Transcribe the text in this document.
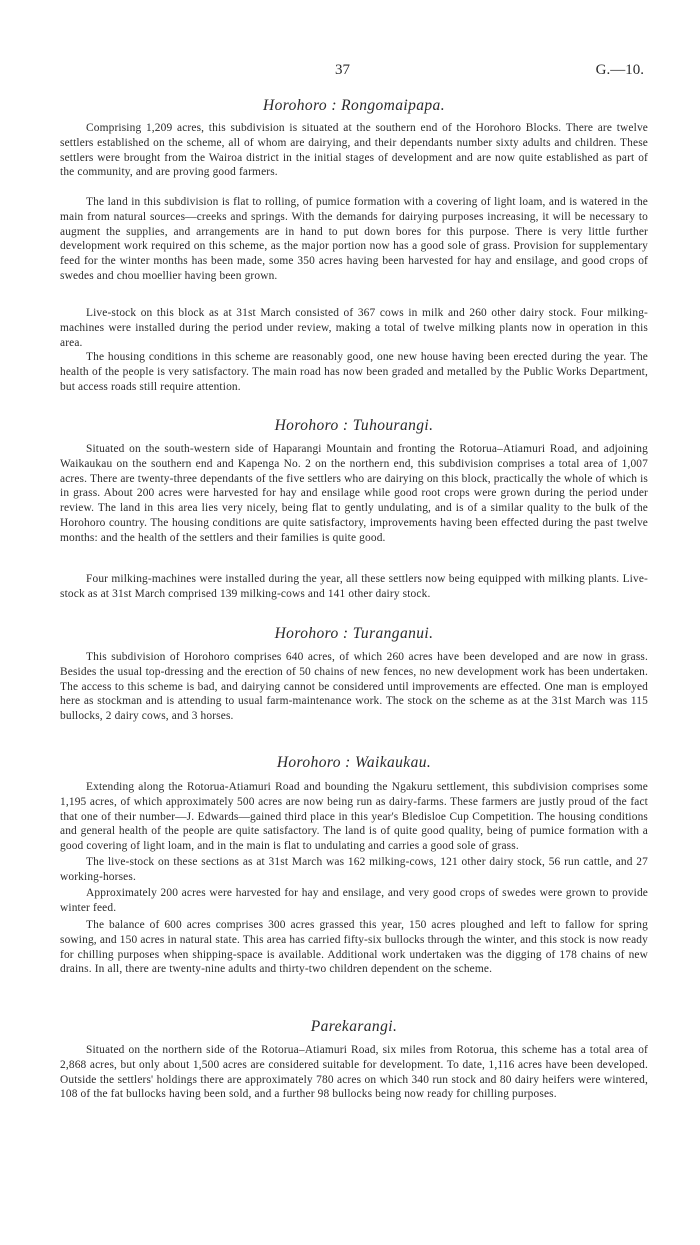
37	G.—10.
Horohoro : Rongomaipapa.

Comprising 1,209 acres, this subdivision is situated at the southern end of the Horohoro Blocks. There are twelve settlers established on the scheme, all of whom are dairying, and their dependants number sixty adults and children. These settlers were brought from the Wairoa district in the initial stages of development and are now quite established as part of the community, and are proving good farmers.

The land in this subdivision is flat to rolling, of pumice formation with a covering of light loam, and is watered in the main from natural sources—creeks and springs. With the demands for dairying purposes increasing, it will be necessary to augment the supplies, and arrangements are in hand to put down bores for this purpose. There is very little further development work required on this scheme, as the major portion now has a good sole of grass. Provision for supplementary feed for the winter months has been made, some 350 acres having been harvested for hay and ensilage, and good crops of swedes and chou moellier having been grown.

Live-stock on this block as at 31st March consisted of 367 cows in milk and 260 other dairy stock. Four milking-machines were installed during the period under review, making a total of twelve milking plants now in operation in this area.

The housing conditions in this scheme are reasonably good, one new house having been erected during the year. The health of the people is very satisfactory. The main road has now been graded and metalled by the Public Works Department, but access roads still require attention.

Horohoro : Tuhourangi.

Situated on the south-western side of Haparangi Mountain and fronting the Rotorua–Atiamuri Road, and adjoining Waikaukau on the southern end and Kapenga No. 2 on the northern end, this subdivision comprises a total area of 1,007 acres. There are twenty-three dependants of the five settlers who are dairying on this block, practically the whole of which is in grass. About 200 acres were harvested for hay and ensilage while good root crops were grown during the period under review. The land in this area lies very nicely, being flat to gently undulating, and is of a similar quality to the bulk of the Horohoro country. The housing conditions are quite satisfactory, improvements having been effected during the past twelve months: and the health of the settlers and their families is quite good.

Four milking-machines were installed during the year, all these settlers now being equipped with milking plants. Live-stock as at 31st March comprised 139 milking-cows and 141 other dairy stock.

Horohoro : Turanganui.

This subdivision of Horohoro comprises 640 acres, of which 260 acres have been developed and are now in grass. Besides the usual top-dressing and the erection of 50 chains of new fences, no new development work has been undertaken. The access to this scheme is bad, and dairying cannot be considered until improvements are effected. One man is employed here as stockman and is attending to usual farm-maintenance work. The stock on the scheme as at the 31st March was 115 bullocks, 2 dairy cows, and 3 horses.

Horohoro : Waikaukau.

Extending along the Rotorua-Atiamuri Road and bounding the Ngakuru settlement, this subdivision comprises some 1,195 acres, of which approximately 500 acres are now being run as dairy-farms. These farmers are justly proud of the fact that one of their number—J. Edwards—gained third place in this year's Bledisloe Cup Competition. The housing conditions and general health of the people are quite satisfactory. The land is of quite good quality, being of pumice formation with a good covering of light loam, and in the main is flat to undulating and carries a good sole of grass.

The live-stock on these sections as at 31st March was 162 milking-cows, 121 other dairy stock, 56 run cattle, and 27 working-horses.

Approximately 200 acres were harvested for hay and ensilage, and very good crops of swedes were grown to provide winter feed.

The balance of 600 acres comprises 300 acres grassed this year, 150 acres ploughed and left to fallow for spring sowing, and 150 acres in natural state. This area has carried fifty-six bullocks through the winter, and this stock is now ready for chilling purposes when shipping-space is available. Additional work undertaken was the digging of 178 chains of new drains. In all, there are twenty-nine adults and thirty-two children dependent on the scheme.

Parekarangi.

Situated on the northern side of the Rotorua–Atiamuri Road, six miles from Rotorua, this scheme has a total area of 2,868 acres, but only about 1,500 acres are considered suitable for development. To date, 1,116 acres have been developed. Outside the settlers' holdings there are approximately 780 acres on which 340 run stock and 80 dairy heifers were wintered, 108 of the fat bullocks having been sold, and a further 98 bullocks being now ready for chilling purposes.
